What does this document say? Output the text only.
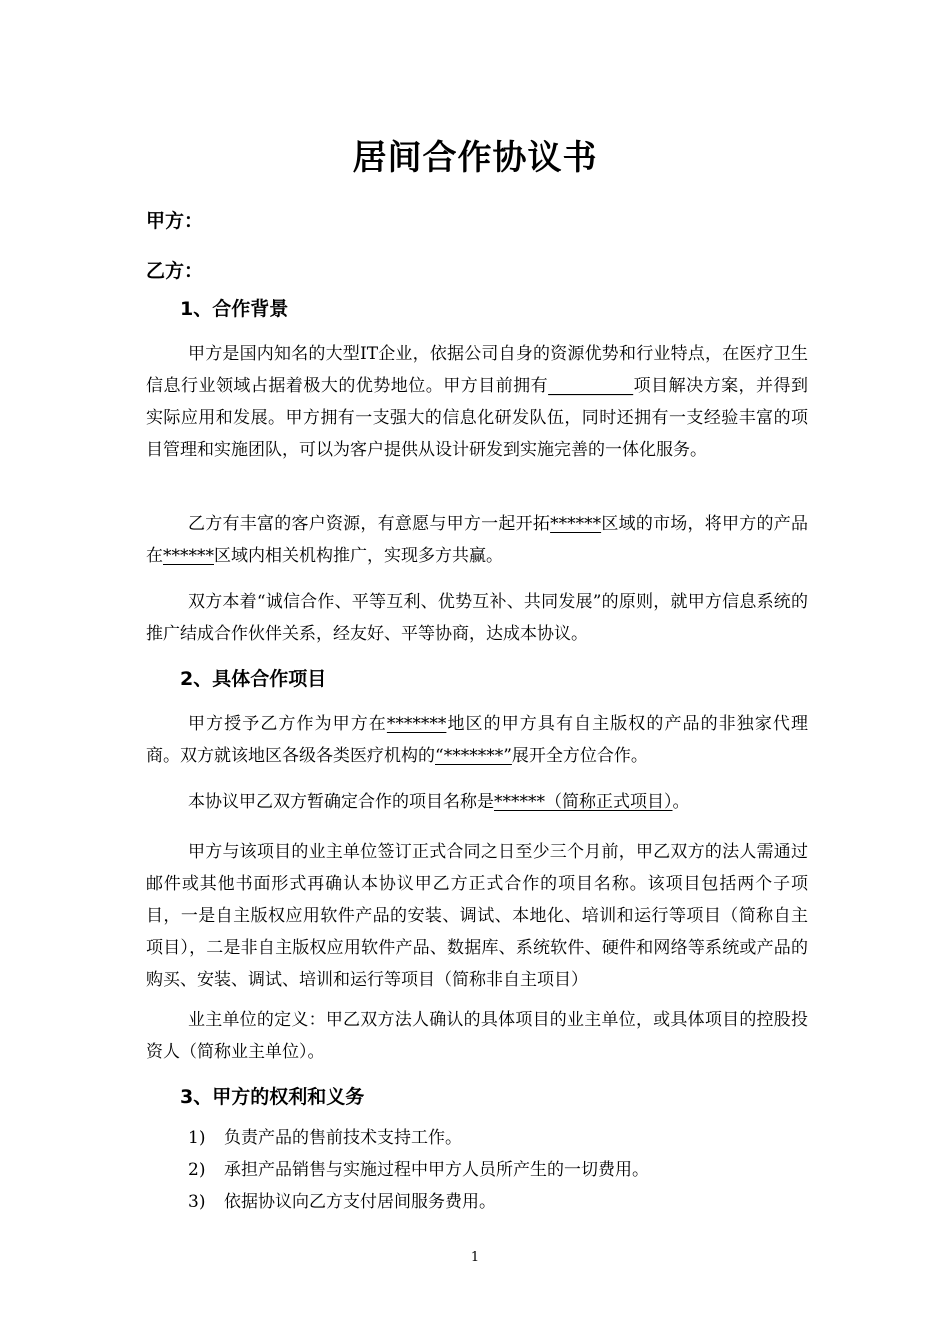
居间合作协议书
甲方：
乙方：
1、合作背景

甲方是国内知名的大型IT企业，依据公司自身的资源优势和行业特点，在医疗卫生信息行业领域占据着极大的优势地位。甲方目前拥有__________项目解决方案，并得到实际应用和发展。甲方拥有一支强大的信息化研发队伍，同时还拥有一支经验丰富的项目管理和实施团队，可以为客户提供从设计研发到实施完善的一体化服务。

乙方有丰富的客户资源，有意愿与甲方一起开拓******区域的市场，将甲方的产品在******区域内相关机构推广，实现多方共赢。

双方本着“诚信合作、平等互利、优势互补、共同发展”的原则，就甲方信息系统的推广结成合作伙伴关系，经友好、平等协商，达成本协议。

2、具体合作项目

甲方授予乙方作为甲方在*******地区的甲方具有自主版权的产品的非独家代理商。双方就该地区各级各类医疗机构的“*******”展开全方位合作。

本协议甲乙双方暂确定合作的项目名称是******（简称正式项目）。

甲方与该项目的业主单位签订正式合同之日至少三个月前，甲乙双方的法人需通过邮件或其他书面形式再确认本协议甲乙方正式合作的项目名称。该项目包括两个子项目，一是自主版权应用软件产品的安装、调试、本地化、培训和运行等项目（简称自主项目），二是非自主版权应用软件产品、数据库、系统软件、硬件和网络等系统或产品的购买、安装、调试、培训和运行等项目（简称非自主项目）

业主单位的定义：甲乙双方法人确认的具体项目的业主单位，或具体项目的控股投资人（简称业主单位）。

3、甲方的权利和义务
1)	负责产品的售前技术支持工作。
2)	承担产品销售与实施过程中甲方人员所产生的一切费用。
3)	依据协议向乙方支付居间服务费用。
1
